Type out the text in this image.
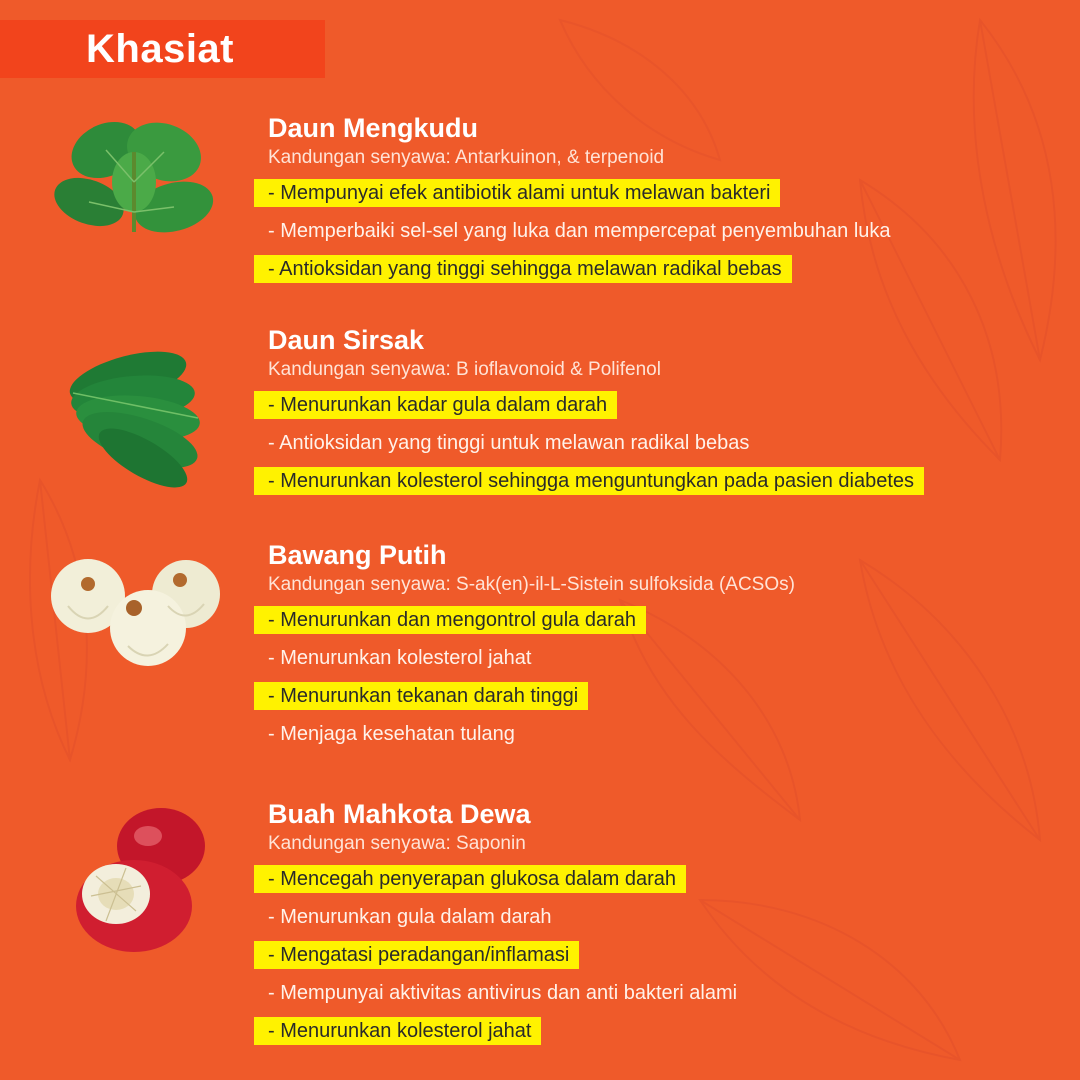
Khasiat
Daun Mengkudu
Kandungan senyawa: Antarkuinon, & terpenoid
- Mempunyai efek antibiotik alami untuk melawan bakteri
- Memperbaiki sel-sel yang luka dan mempercepat penyembuhan luka
- Antioksidan yang tinggi sehingga melawan radikal bebas
Daun Sirsak
Kandungan senyawa: B ioflavonoid & Polifenol
- Menurunkan kadar gula dalam darah
- Antioksidan yang tinggi untuk melawan radikal bebas
- Menurunkan kolesterol sehingga menguntungkan pada pasien diabetes
Bawang Putih
Kandungan senyawa: S-ak(en)-il-L-Sistein sulfoksida (ACSOs)
- Menurunkan dan mengontrol gula darah
- Menurunkan kolesterol jahat
- Menurunkan tekanan darah tinggi
- Menjaga kesehatan tulang
Buah Mahkota Dewa
Kandungan senyawa: Saponin
- Mencegah penyerapan glukosa dalam darah
- Menurunkan gula dalam darah
- Mengatasi peradangan/inflamasi
- Mempunyai aktivitas antivirus dan anti bakteri alami
- Menurunkan kolesterol jahat
